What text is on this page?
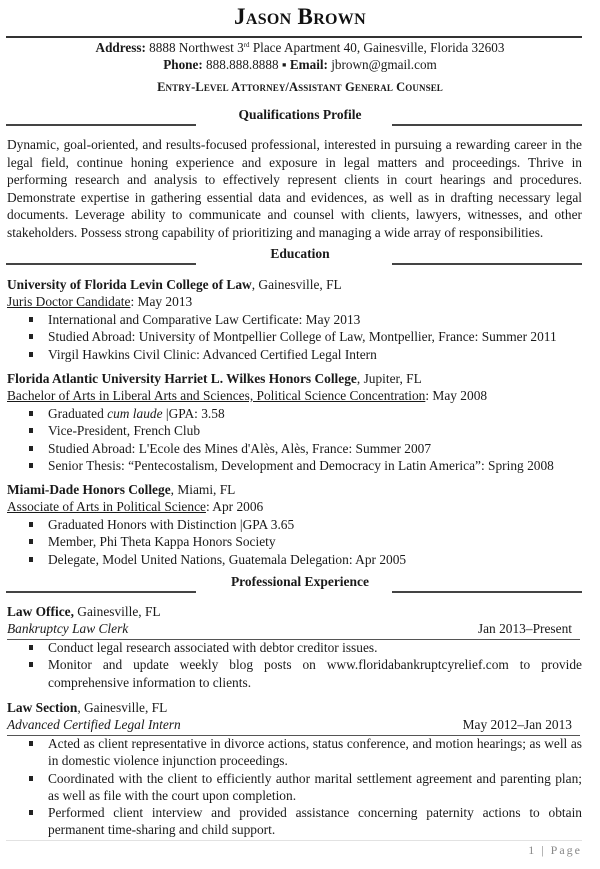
Jason Brown
Address: 8888 Northwest 3rd Place Apartment 40, Gainesville, Florida 32603
Phone: 888.888.8888 ▪ Email: jbrown@gmail.com
Entry-Level Attorney/Assistant General Counsel
Qualifications Profile
Dynamic, goal-oriented, and results-focused professional, interested in pursuing a rewarding career in the legal field, continue honing experience and exposure in legal matters and proceedings. Thrive in performing research and analysis to effectively represent clients in court hearings and procedures. Demonstrate expertise in gathering essential data and evidences, as well as in drafting necessary legal documents. Leverage ability to communicate and counsel with clients, lawyers, witnesses, and other stakeholders. Possess strong capability of prioritizing and managing a wide array of responsibilities.
Education
University of Florida Levin College of Law, Gainesville, FL
Juris Doctor Candidate: May 2013
International and Comparative Law Certificate: May 2013
Studied Abroad: University of Montpellier College of Law, Montpellier, France: Summer 2011
Virgil Hawkins Civil Clinic: Advanced Certified Legal Intern
Florida Atlantic University Harriet L. Wilkes Honors College, Jupiter, FL
Bachelor of Arts in Liberal Arts and Sciences, Political Science Concentration: May 2008
Graduated cum laude |GPA: 3.58
Vice-President, French Club
Studied Abroad: L'Ecole des Mines d'Alès, Alès, France: Summer 2007
Senior Thesis: “Pentecostalism, Development and Democracy in Latin America”: Spring 2008
Miami-Dade Honors College, Miami, FL
Associate of Arts in Political Science: Apr 2006
Graduated Honors with Distinction |GPA 3.65
Member, Phi Theta Kappa Honors Society
Delegate, Model United Nations, Guatemala Delegation: Apr 2005
Professional Experience
Law Office, Gainesville, FL
Bankruptcy Law Clerk	Jan 2013–Present
Conduct legal research associated with debtor creditor issues.
Monitor and update weekly blog posts on www.floridabankruptcyrelief.com to provide comprehensive information to clients.
Law Section, Gainesville, FL
Advanced Certified Legal Intern	May 2012–Jan 2013
Acted as client representative in divorce actions, status conference, and motion hearings; as well as in domestic violence injunction proceedings.
Coordinated with the client to efficiently author marital settlement agreement and parenting plan; as well as file with the court upon completion.
Performed client interview and provided assistance concerning paternity actions to obtain permanent time-sharing and child support.
1 | Page
